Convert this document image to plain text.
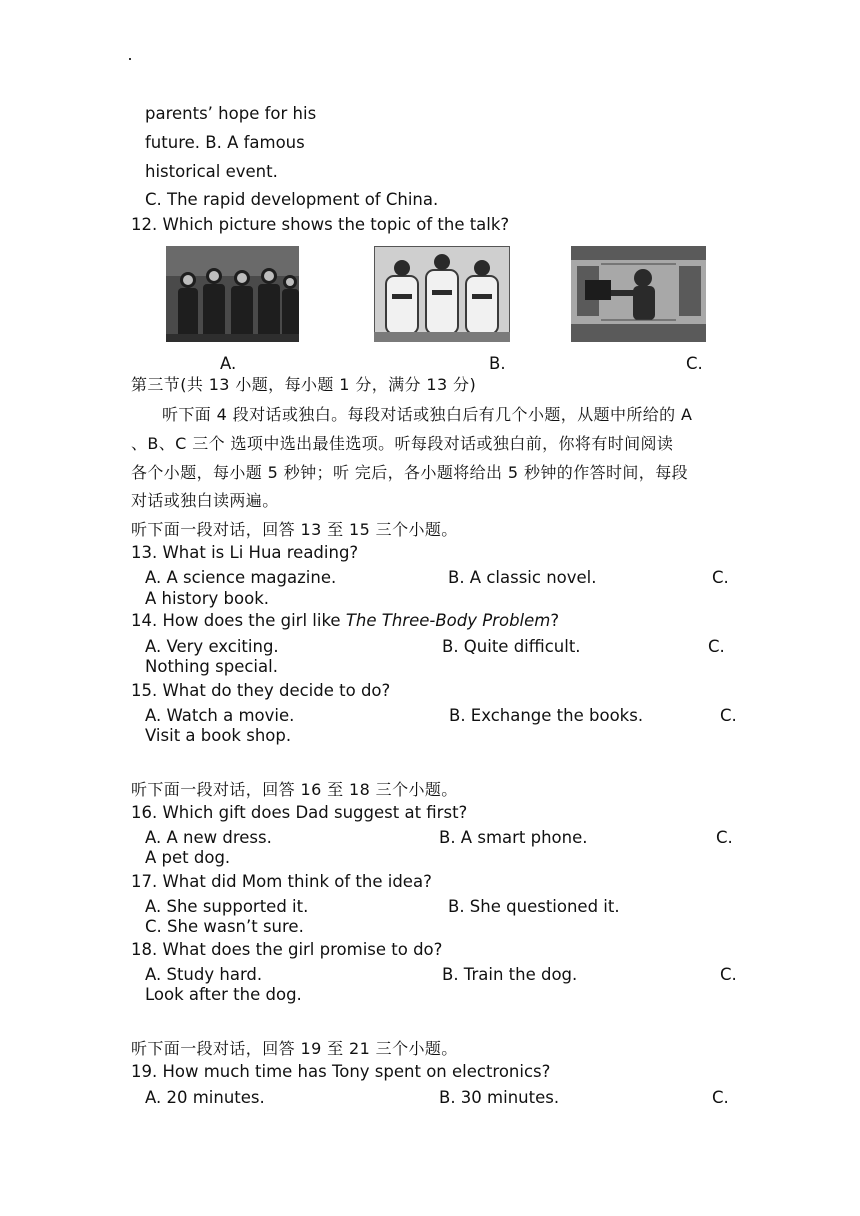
parents’ hope for his
future. B. A famous
historical event.
C. The rapid development of China.
12. Which picture shows the topic of the talk?
A.	B.	C.
第三节(共 13 小题，每小题 1 分，满分 13 分)
听下面 4 段对话或独白。每段对话或独白后有几个小题，从题中所给的 A
、B、C 三个 选项中选出最佳选项。听每段对话或独白前，你将有时间阅读
各个小题，每小题 5 秒钟；听 完后，各小题将给出 5 秒钟的作答时间，每段
对话或独白读两遍。
听下面一段对话，回答 13 至 15 三个小题。
13. What is Li Hua reading?
A. A science magazine.	B. A classic novel.	C.
A history book.
14. How does the girl like The Three-Body Problem?
A. Very exciting.	B. Quite difficult.	C.
Nothing special.
15. What do they decide to do?
A. Watch a movie.	B. Exchange the books.	C.
Visit a book shop.
听下面一段对话，回答 16 至 18 三个小题。
16. Which gift does Dad suggest at first?
A. A new dress.	B. A smart phone.	C.
A pet dog.
17. What did Mom think of the idea?
A. She supported it.	B. She questioned it.
C. She wasn’t sure.
18. What does the girl promise to do?
A. Study hard.	B. Train the dog.	C.
Look after the dog.
听下面一段对话，回答 19 至 21 三个小题。
19. How much time has Tony spent on electronics?
A. 20 minutes.	B. 30 minutes.	C.
